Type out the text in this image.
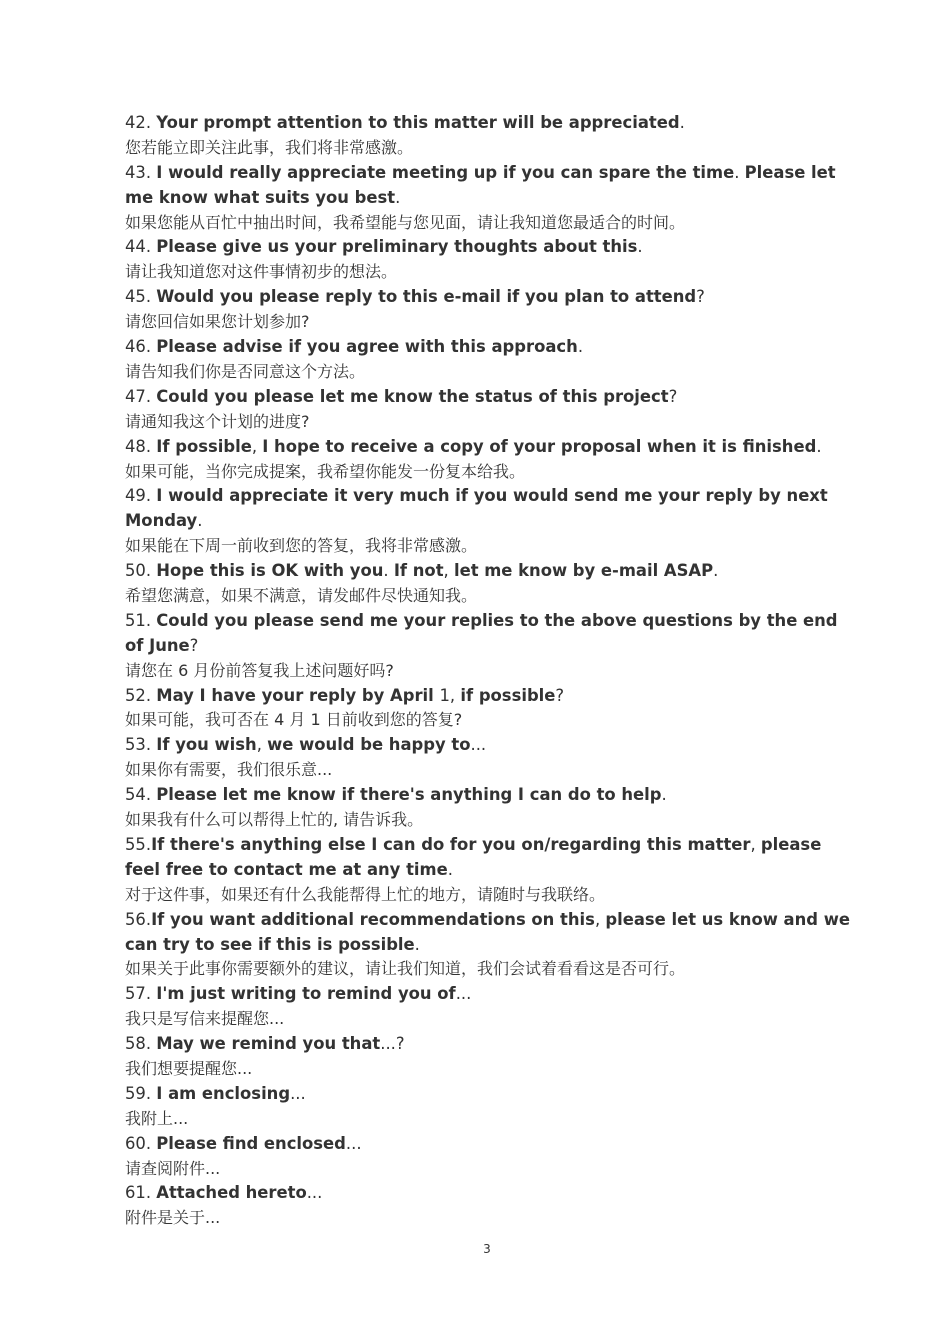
42. Your prompt attention to this matter will be appreciated.
您若能立即关注此事，我们将非常感激。
43. I would really appreciate meeting up if you can spare the time. Please let me know what suits you best.
如果您能从百忙中抽出时间，我希望能与您见面，请让我知道您最适合的时间。
44. Please give us your preliminary thoughts about this.
请让我知道您对这件事情初步的想法。
45. Would you please reply to this e-mail if you plan to attend?
请您回信如果您计划参加?
46. Please advise if you agree with this approach.
请告知我们你是否同意这个方法。
47. Could you please let me know the status of this project?
请通知我这个计划的进度?
48. If possible, I hope to receive a copy of your proposal when it is finished.
如果可能，当你完成提案，我希望你能发一份复本给我。
49. I would appreciate it very much if you would send me your reply by next Monday.
如果能在下周一前收到您的答复，我将非常感激。
50. Hope this is OK with you. If not, let me know by e-mail ASAP.
希望您满意，如果不满意，请发邮件尽快通知我。
51. Could you please send me your replies to the above questions by the end of June?
请您在 6 月份前答复我上述问题好吗?
52. May I have your reply by April 1, if possible?
如果可能，我可否在 4 月 1 日前收到您的答复?
53. If you wish, we would be happy to...
如果你有需要，我们很乐意...
54. Please let me know if there's anything I can do to help.
如果我有什么可以帮得上忙的, 请告诉我。
55.If there's anything else I can do for you on/regarding this matter, please feel free to contact me at any time.
对于这件事，如果还有什么我能帮得上忙的地方，请随时与我联络。
56.If you want additional recommendations on this, please let us know and we can try to see if this is possible.
如果关于此事你需要额外的建议，请让我们知道，我们会试着看看这是否可行。
57. I'm just writing to remind you of...
我只是写信来提醒您...
58. May we remind you that...?
我们想要提醒您...
59. I am enclosing...
我附上...
60. Please find enclosed...
请查阅附件...
61. Attached hereto...
附件是关于...
3
